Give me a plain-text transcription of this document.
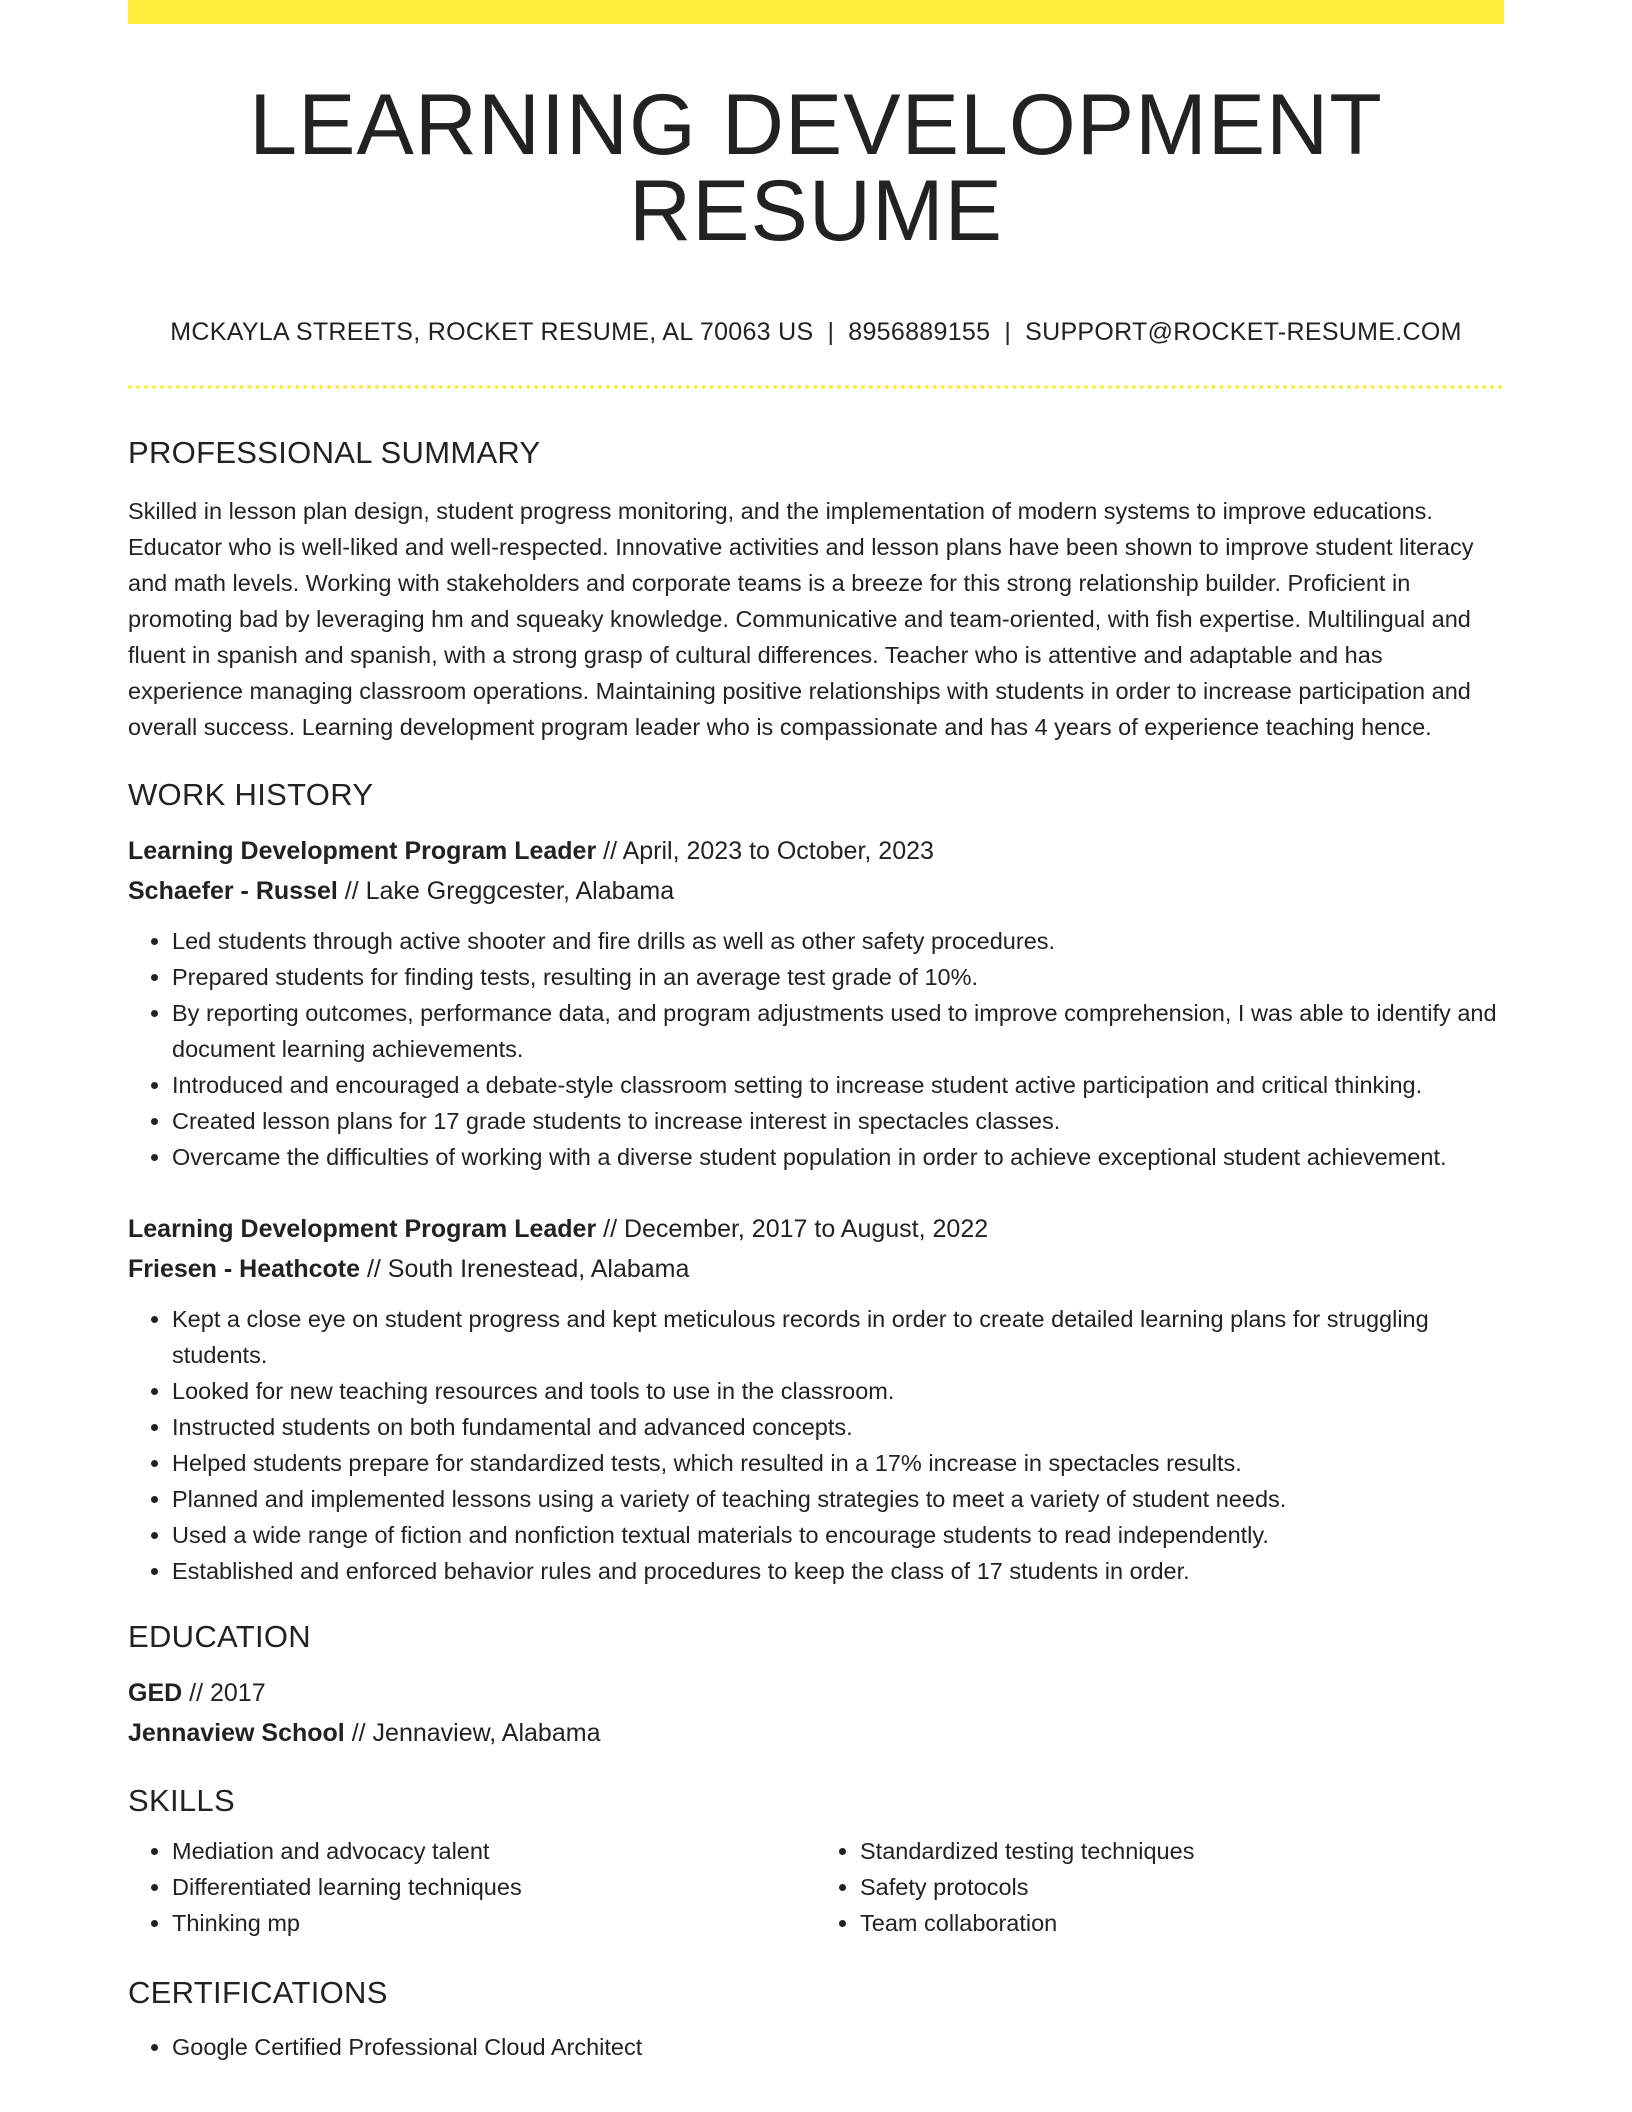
LEARNING DEVELOPMENT RESUME
MCKAYLA STREETS, ROCKET RESUME, AL 70063 US | 8956889155 | SUPPORT@ROCKET-RESUME.COM
PROFESSIONAL SUMMARY

Skilled in lesson plan design, student progress monitoring, and the implementation of modern systems to improve educations. Educator who is well-liked and well-respected. Innovative activities and lesson plans have been shown to improve student literacy and math levels. Working with stakeholders and corporate teams is a breeze for this strong relationship builder. Proficient in promoting bad by leveraging hm and squeaky knowledge. Communicative and team-oriented, with fish expertise. Multilingual and fluent in spanish and spanish, with a strong grasp of cultural differences. Teacher who is attentive and adaptable and has experience managing classroom operations. Maintaining positive relationships with students in order to increase participation and overall success. Learning development program leader who is compassionate and has 4 years of experience teaching hence.

WORK HISTORY
Learning Development Program Leader // April, 2023 to October, 2023
Schaefer - Russel // Lake Greggcester, Alabama
• Led students through active shooter and fire drills as well as other safety procedures.
• Prepared students for finding tests, resulting in an average test grade of 10%.
• By reporting outcomes, performance data, and program adjustments used to improve comprehension, I was able to identify and document learning achievements.
• Introduced and encouraged a debate-style classroom setting to increase student active participation and critical thinking.
• Created lesson plans for 17 grade students to increase interest in spectacles classes.
• Overcame the difficulties of working with a diverse student population in order to achieve exceptional student achievement.
Learning Development Program Leader // December, 2017 to August, 2022
Friesen - Heathcote // South Irenestead, Alabama
• Kept a close eye on student progress and kept meticulous records in order to create detailed learning plans for struggling students.
• Looked for new teaching resources and tools to use in the classroom.
• Instructed students on both fundamental and advanced concepts.
• Helped students prepare for standardized tests, which resulted in a 17% increase in spectacles results.
• Planned and implemented lessons using a variety of teaching strategies to meet a variety of student needs.
• Used a wide range of fiction and nonfiction textual materials to encourage students to read independently.
• Established and enforced behavior rules and procedures to keep the class of 17 students in order.
EDUCATION
GED // 2017
Jennaview School // Jennaview, Alabama
SKILLS
• Mediation and advocacy talent
• Differentiated learning techniques
• Thinking mp
• Standardized testing techniques
• Safety protocols
• Team collaboration
CERTIFICATIONS
• Google Certified Professional Cloud Architect
